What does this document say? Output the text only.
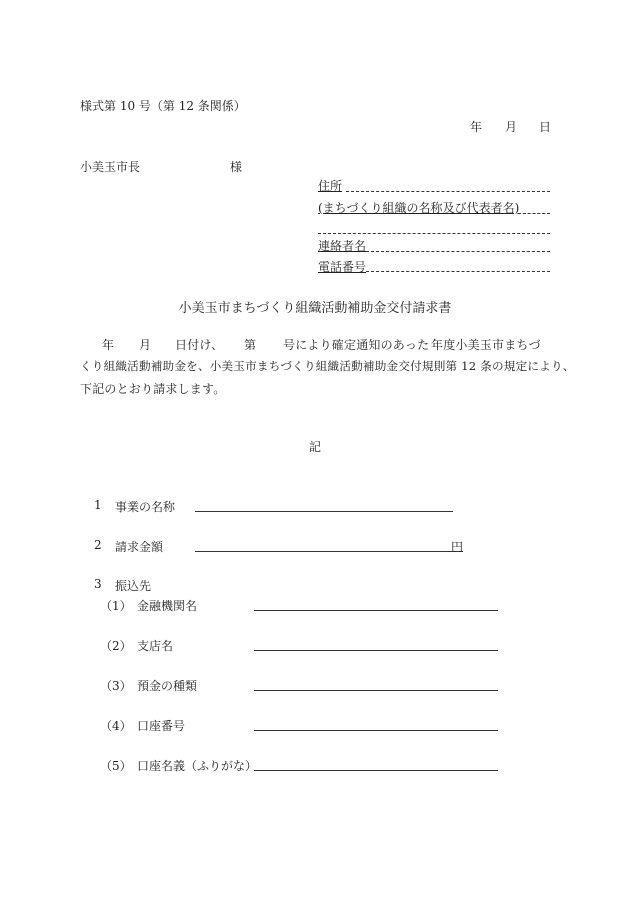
様式第 10 号（第 12 条関係）
年 月 日
小美玉市長	様
住所
(まちづくり組織の名称及び代表者名)
連絡者名
電話番号
小美玉市まちづくり組織活動補助金交付請求書
年 月 日付け、 第 号により確定通知のあった 年度小美玉市まちづ
くり組織活動補助金を、小美玉市まちづくり組織活動補助金交付規則第 12 条の規定により、
下記のとおり請求します。
記
1 事業の名称
2 請求金額	円
3 振込先
（1） 金融機関名
（2） 支店名
（3） 預金の種類
（4） 口座番号
（5） 口座名義（ふりがな）
